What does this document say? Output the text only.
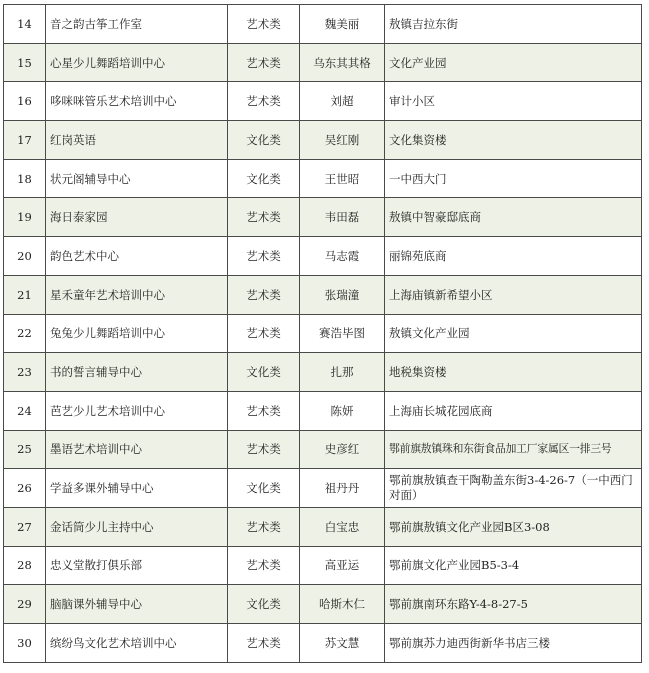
14	音之韵古筝工作室	艺术类	魏美丽	敖镇吉拉东街
15	心星少儿舞蹈培训中心	艺术类	乌东其其格	文化产业园
16	哆咪咪管乐艺术培训中心	艺术类	刘超	审计小区
17	红岗英语	文化类	吴红刚	文化集资楼
18	状元阁辅导中心	文化类	王世昭	一中西大门
19	海日泰家园	艺术类	韦田磊	敖镇中智豪邸底商
20	韵色艺术中心	艺术类	马志霞	丽锦苑底商
21	星禾童年艺术培训中心	艺术类	张瑞潼	上海庙镇新希望小区
22	兔兔少儿舞蹈培训中心	艺术类	赛浩毕图	敖镇文化产业园
23	书的誓言辅导中心	文化类	扎那	地税集资楼
24	芭艺少儿艺术培训中心	艺术类	陈妍	上海庙长城花园底商
25	墨语艺术培训中心	艺术类	史彦红	鄂前旗敖镇珠和东街食品加工厂家属区一排三号
26	学益多课外辅导中心	文化类	祖丹丹	鄂前旗敖镇查干陶勒盖东街3-4-26-7（一中西门对面）
27	金话筒少儿主持中心	艺术类	白宝忠	鄂前旗敖镇文化产业园B区3-08
28	忠义堂散打俱乐部	艺术类	高亚运	鄂前旗文化产业园B5-3-4
29	脑脑课外辅导中心	文化类	哈斯木仁	鄂前旗南环东路Y-4-8-27-5
30	缤纷鸟文化艺术培训中心	艺术类	苏文慧	鄂前旗苏力迪西街新华书店三楼
